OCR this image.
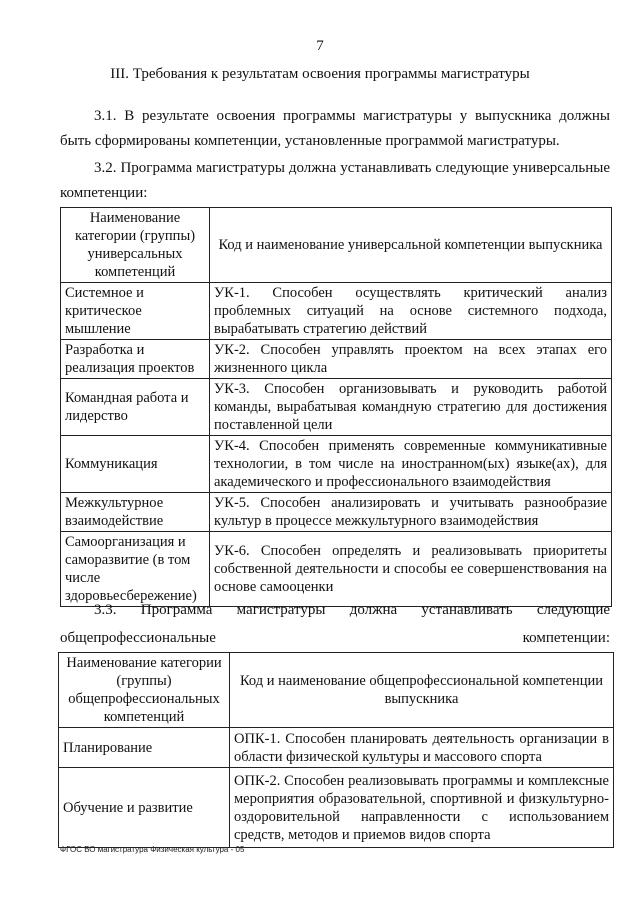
7
III. Требования к результатам освоения программы магистратуры

3.1. В результате освоения программы магистратуры у выпускника должны быть сформированы компетенции, установленные программой магистратуры.

3.2. Программа магистратуры должна устанавливать следующие универсальные компетенции:

Наименование категории (группы) универсальных компетенций	Код и наименование универсальной компетенции выпускника
Системное и критическое мышление	УК-1. Способен осуществлять критический анализ проблемных ситуаций на основе системного подхода, вырабатывать стратегию действий
Разработка и реализация проектов	УК-2. Способен управлять проектом на всех этапах его жизненного цикла
Командная работа и лидерство	УК-3. Способен организовывать и руководить работой команды, вырабатывая командную стратегию для достижения поставленной цели
Коммуникация	УК-4. Способен применять современные коммуникативные технологии, в том числе на иностранном(ых) языке(ах), для академического и профессионального взаимодействия
Межкультурное взаимодействие	УК-5. Способен анализировать и учитывать разнообразие культур в процессе межкультурного взаимодействия
Самоорганизация и саморазвитие (в том числе здоровьесбережение)	УК-6. Способен определять и реализовывать приоритеты собственной деятельности и способы ее совершенствования на основе самооценки

3.3. Программа магистратуры должна устанавливать следующие общепрофессиональные компетенции:

Наименование категории (группы) общепрофессиональных компетенций	Код и наименование общепрофессиональной компетенции выпускника
Планирование	ОПК-1. Способен планировать деятельность организации в области физической культуры и массового спорта
Обучение и развитие	ОПК-2. Способен реализовывать программы и комплексные мероприятия образовательной, спортивной и физкультурно-оздоровительной направленности с использованием средств, методов и приемов видов спорта
ФГОС ВО магистратура Физическая культура - 05
